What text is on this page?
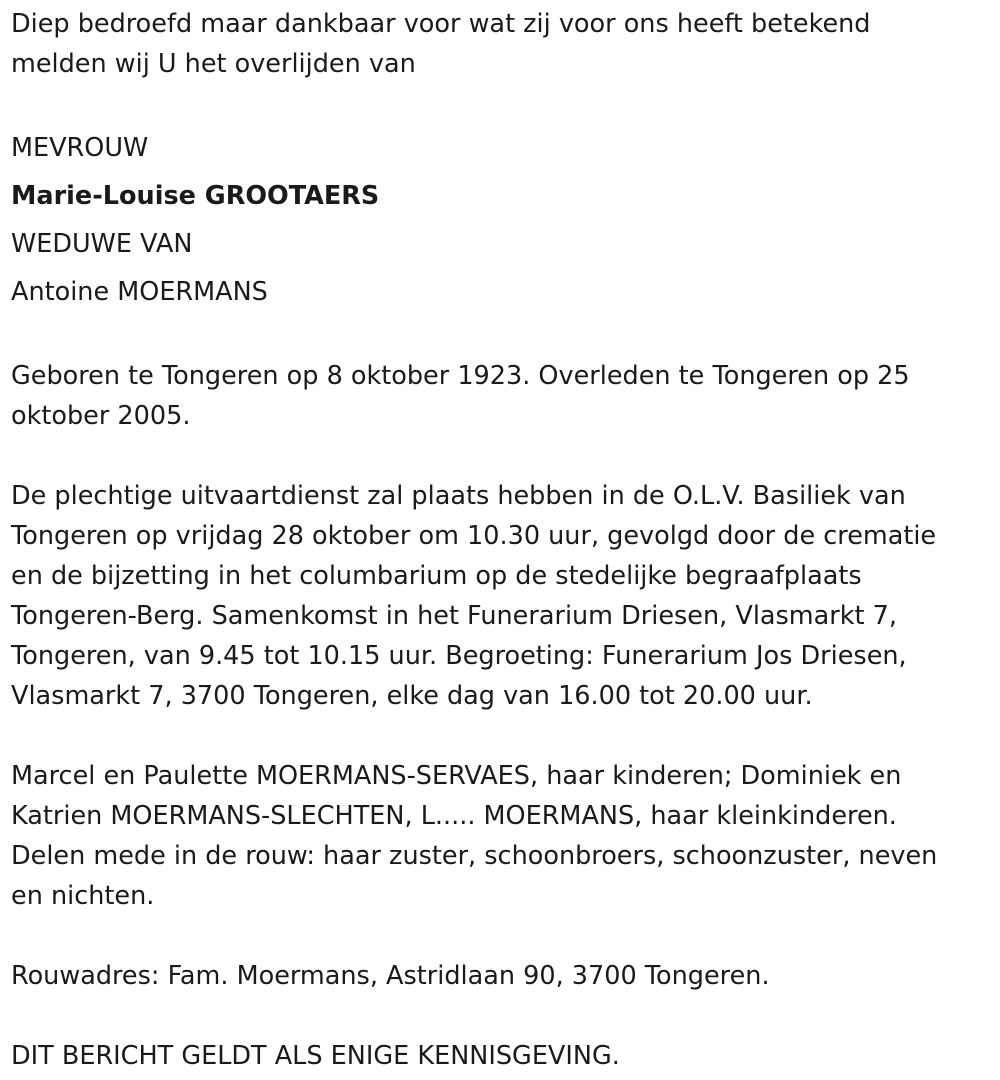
Diep bedroefd maar dankbaar voor wat zij voor ons heeft betekend

melden wij U het overlijden van

MEVROUW

Marie-Louise GROOTAERS

WEDUWE VAN

Antoine MOERMANS

Geboren te Tongeren op 8 oktober 1923. Overleden te Tongeren op 25

oktober 2005.

De plechtige uitvaartdienst zal plaats hebben in de O.L.V. Basiliek van

Tongeren op vrijdag 28 oktober om 10.30 uur, gevolgd door de crematie

en de bijzetting in het columbarium op de stedelijke begraafplaats

Tongeren-Berg. Samenkomst in het Funerarium Driesen, Vlasmarkt 7,

Tongeren, van 9.45 tot 10.15 uur. Begroeting: Funerarium Jos Driesen,

Vlasmarkt 7, 3700 Tongeren, elke dag van 16.00 tot 20.00 uur.

Marcel en Paulette MOERMANS-SERVAES, haar kinderen; Dominiek en

Katrien MOERMANS-SLECHTEN, L..... MOERMANS, haar kleinkinderen.

Delen mede in de rouw: haar zuster, schoonbroers, schoonzuster, neven

en nichten.

Rouwadres: Fam. Moermans, Astridlaan 90, 3700 Tongeren.

DIT BERICHT GELDT ALS ENIGE KENNISGEVING.
